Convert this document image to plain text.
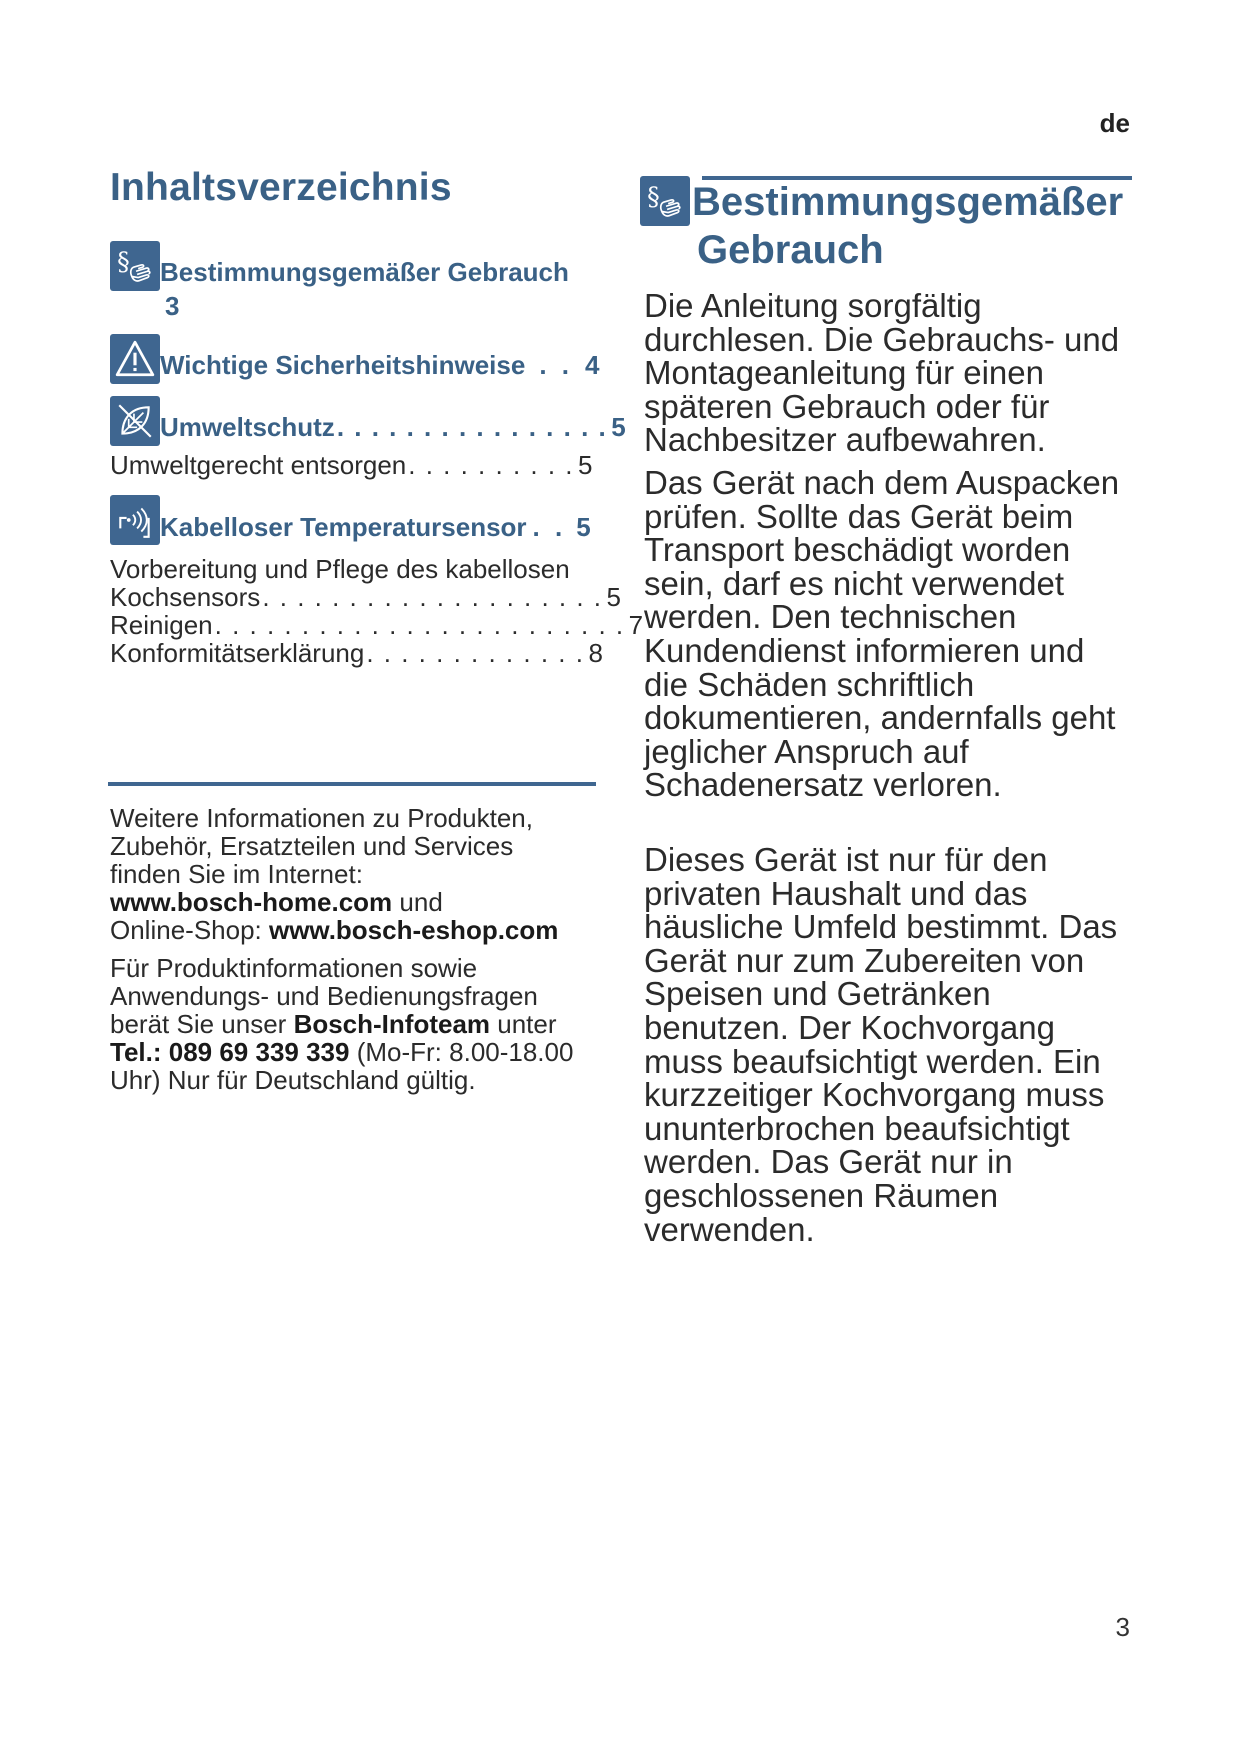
de
3
Inhaltsverzeichnis
§ Bestimmungsgemäßer Gebrauch
3
Wichtige Sicherheitshinweise . . 4
Umweltschutz . . . . . . . . . . . . . . . . 5
Umweltgerecht entsorgen . . . . . . . . . . 5
Kabelloser Temperatursensor . . 5
Vorbereitung und Pflege des kabellosen
Kochsensors . . . . . . . . . . . . . . . . . . . . 5
Reinigen . . . . . . . . . . . . . . . . . . . . . . . . 7
Konformitätserklärung . . . . . . . . . . . . . 8
Weitere Informationen zu Produkten,
Zubehör, Ersatzteilen und Services
finden Sie im Internet:
www.bosch-home.com und
Online-Shop: www.bosch-eshop.com
Für Produktinformationen sowie
Anwendungs- und Bedienungsfragen
berät Sie unser Bosch-Infoteam unter
Tel.: 089 69 339 339 (Mo-Fr: 8.00-18.00
Uhr) Nur für Deutschland gültig.
§ Bestimmungsgemäßer
Gebrauch
Die Anleitung sorgfältig durchlesen. Die Gebrauchs- und Montageanleitung für einen späteren Gebrauch oder für Nachbesitzer aufbewahren.
Das Gerät nach dem Auspacken prüfen. Sollte das Gerät beim Transport beschädigt worden sein, darf es nicht verwendet werden. Den technischen Kundendienst informieren und die Schäden schriftlich dokumentieren, andernfalls geht jeglicher Anspruch auf Schadenersatz verloren.
Dieses Gerät ist nur für den privaten Haushalt und das häusliche Umfeld bestimmt. Das Gerät nur zum Zubereiten von Speisen und Getränken benutzen. Der Kochvorgang muss beaufsichtigt werden. Ein kurzzeitiger Kochvorgang muss ununterbrochen beaufsichtigt werden. Das Gerät nur in geschlossenen Räumen verwenden.
